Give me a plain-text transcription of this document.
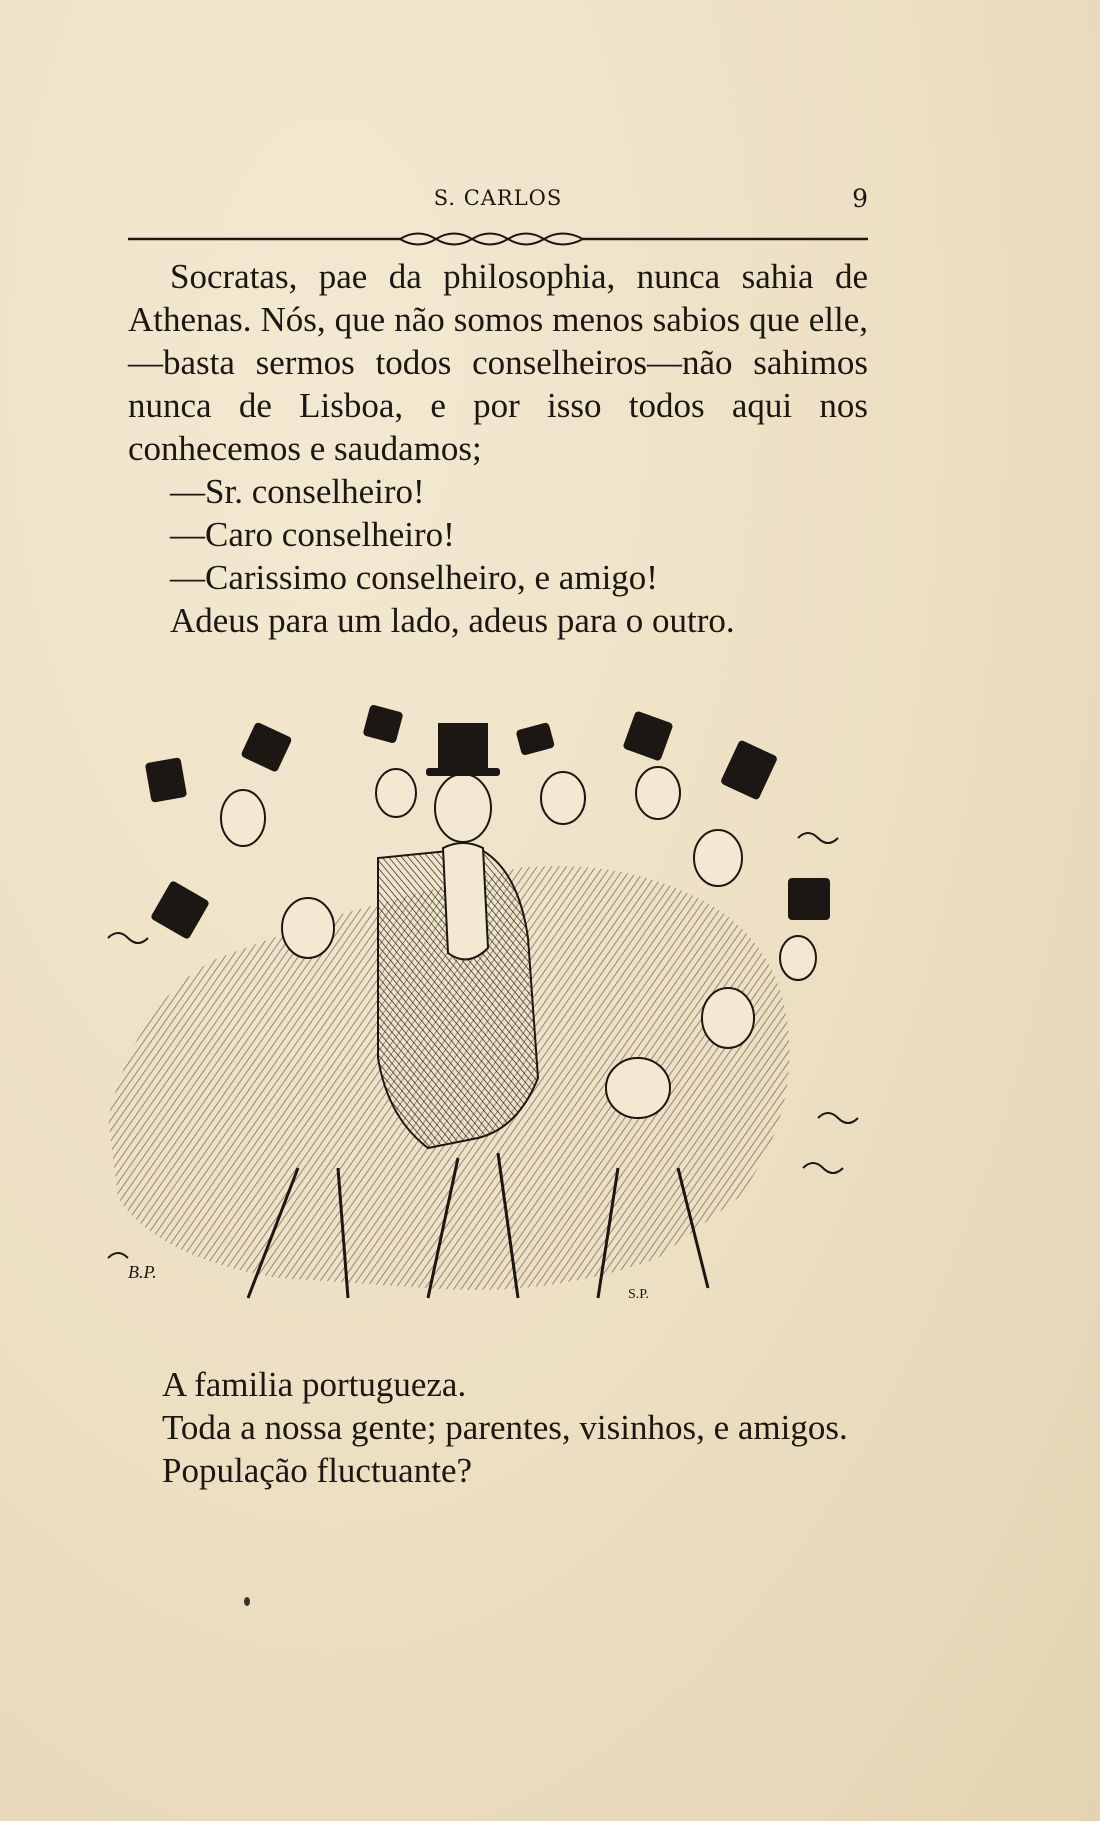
S. CARLOS	9

Socratas, pae da philosophia, nunca sahia de Athenas. Nós, que não somos menos sabios que elle,—basta sermos todos conselheiros—não sahimos nunca de Lisboa, e por isso todos aqui nos conhecemos e saudamos;

—Sr. conselheiro!

—Caro conselheiro!

—Carissimo conselheiro, e amigo!

Adeus para um lado, adeus para o outro.

B.P.
S.P.

A familia portugueza.

Toda a nossa gente; parentes, visinhos, e amigos.

População fluctuante?
